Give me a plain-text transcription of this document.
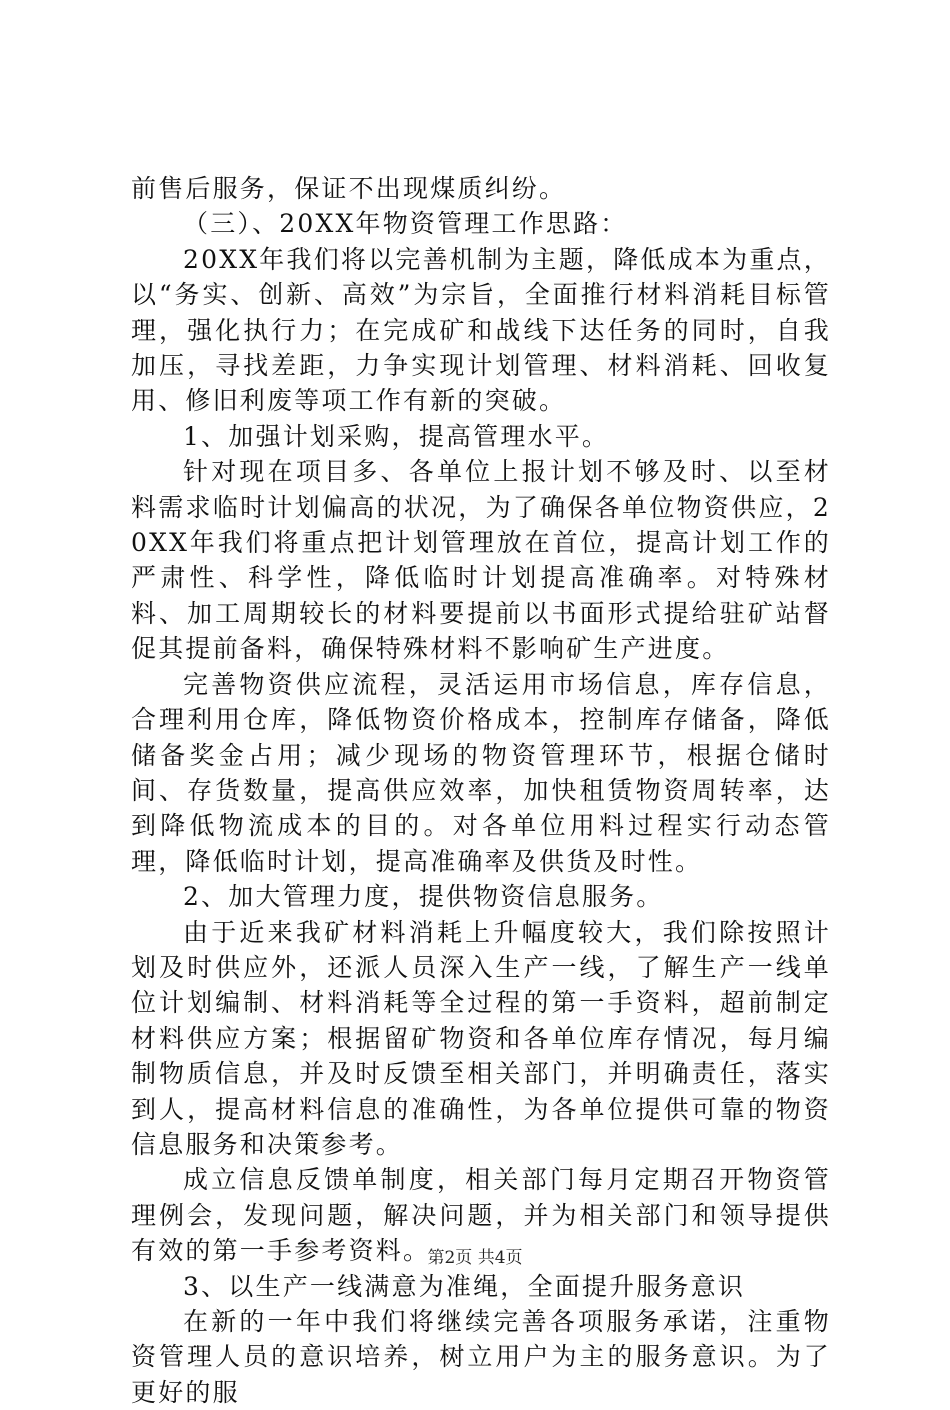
前售后服务，保证不出现煤质纠纷。

（三）、20XX年物资管理工作思路：

20XX年我们将以完善机制为主题，降低成本为重点，以“务实、创新、高效”为宗旨，全面推行材料消耗目标管理，强化执行力；在完成矿和战线下达任务的同时，自我加压，寻找差距，力争实现计划管理、材料消耗、回收复用、修旧利废等项工作有新的突破。

1、加强计划采购，提高管理水平。

针对现在项目多、各单位上报计划不够及时、以至材料需求临时计划偏高的状况，为了确保各单位物资供应，20XX年我们将重点把计划管理放在首位，提高计划工作的严肃性、科学性，降低临时计划提高准确率。对特殊材料、加工周期较长的材料要提前以书面形式提给驻矿站督促其提前备料，确保特殊材料不影响矿生产进度。

完善物资供应流程，灵活运用市场信息，库存信息，合理利用仓库，降低物资价格成本，控制库存储备，降低储备奖金占用；减少现场的物资管理环节，根据仓储时间、存货数量，提高供应效率，加快租赁物资周转率，达到降低物流成本的目的。对各单位用料过程实行动态管理，降低临时计划，提高准确率及供货及时性。

2、加大管理力度，提供物资信息服务。

由于近来我矿材料消耗上升幅度较大，我们除按照计划及时供应外，还派人员深入生产一线，了解生产一线单位计划编制、材料消耗等全过程的第一手资料，超前制定材料供应方案；根据留矿物资和各单位库存情况，每月编制物质信息，并及时反馈至相关部门，并明确责任，落实到人，提高材料信息的准确性，为各单位提供可靠的物资信息服务和决策参考。

成立信息反馈单制度，相关部门每月定期召开物资管理例会，发现问题，解决问题，并为相关部门和领导提供有效的第一手参考资料。

3、以生产一线满意为准绳，全面提升服务意识

在新的一年中我们将继续完善各项服务承诺，注重物资管理人员的意识培养，树立用户为主的服务意识。为了更好的服

第2页 共4页
